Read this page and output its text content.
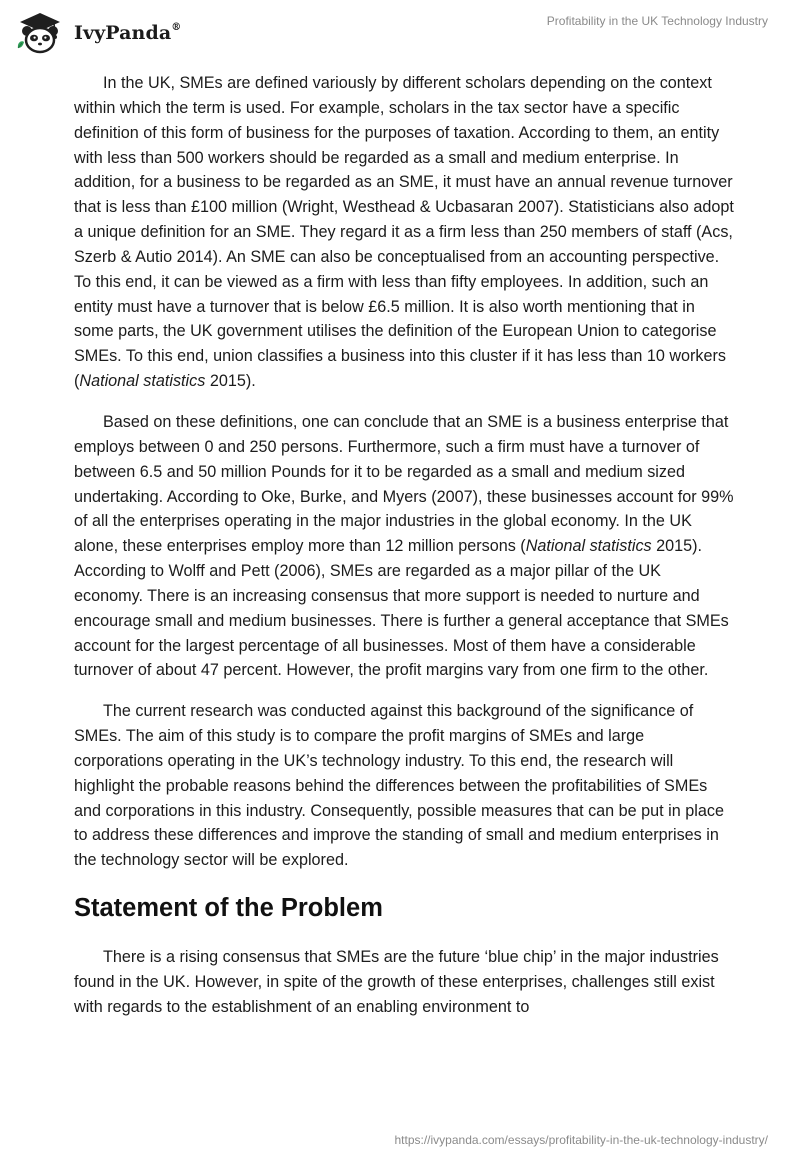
IvyPanda®	Profitability in the UK Technology Industry

In the UK, SMEs are defined variously by different scholars depending on the context within which the term is used. For example, scholars in the tax sector have a specific definition of this form of business for the purposes of taxation. According to them, an entity with less than 500 workers should be regarded as a small and medium enterprise. In addition, for a business to be regarded as an SME, it must have an annual revenue turnover that is less than £100 million (Wright, Westhead & Ucbasaran 2007). Statisticians also adopt a unique definition for an SME. They regard it as a firm less than 250 members of staff (Acs, Szerb & Autio 2014). An SME can also be conceptualised from an accounting perspective. To this end, it can be viewed as a firm with less than fifty employees. In addition, such an entity must have a turnover that is below £6.5 million. It is also worth mentioning that in some parts, the UK government utilises the definition of the European Union to categorise SMEs. To this end, union classifies a business into this cluster if it has less than 10 workers (National statistics 2015).

Based on these definitions, one can conclude that an SME is a business enterprise that employs between 0 and 250 persons. Furthermore, such a firm must have a turnover of between 6.5 and 50 million Pounds for it to be regarded as a small and medium sized undertaking. According to Oke, Burke, and Myers (2007), these businesses account for 99% of all the enterprises operating in the major industries in the global economy. In the UK alone, these enterprises employ more than 12 million persons (National statistics 2015). According to Wolff and Pett (2006), SMEs are regarded as a major pillar of the UK economy. There is an increasing consensus that more support is needed to nurture and encourage small and medium businesses. There is further a general acceptance that SMEs account for the largest percentage of all businesses. Most of them have a considerable turnover of about 47 percent. However, the profit margins vary from one firm to the other.

The current research was conducted against this background of the significance of SMEs. The aim of this study is to compare the profit margins of SMEs and large corporations operating in the UK’s technology industry. To this end, the research will highlight the probable reasons behind the differences between the profitabilities of SMEs and corporations in this industry. Consequently, possible measures that can be put in place to address these differences and improve the standing of small and medium enterprises in the technology sector will be explored.

Statement of the Problem

There is a rising consensus that SMEs are the future ‘blue chip’ in the major industries found in the UK. However, in spite of the growth of these enterprises, challenges still exist with regards to the establishment of an enabling environment to

https://ivypanda.com/essays/profitability-in-the-uk-technology-industry/
